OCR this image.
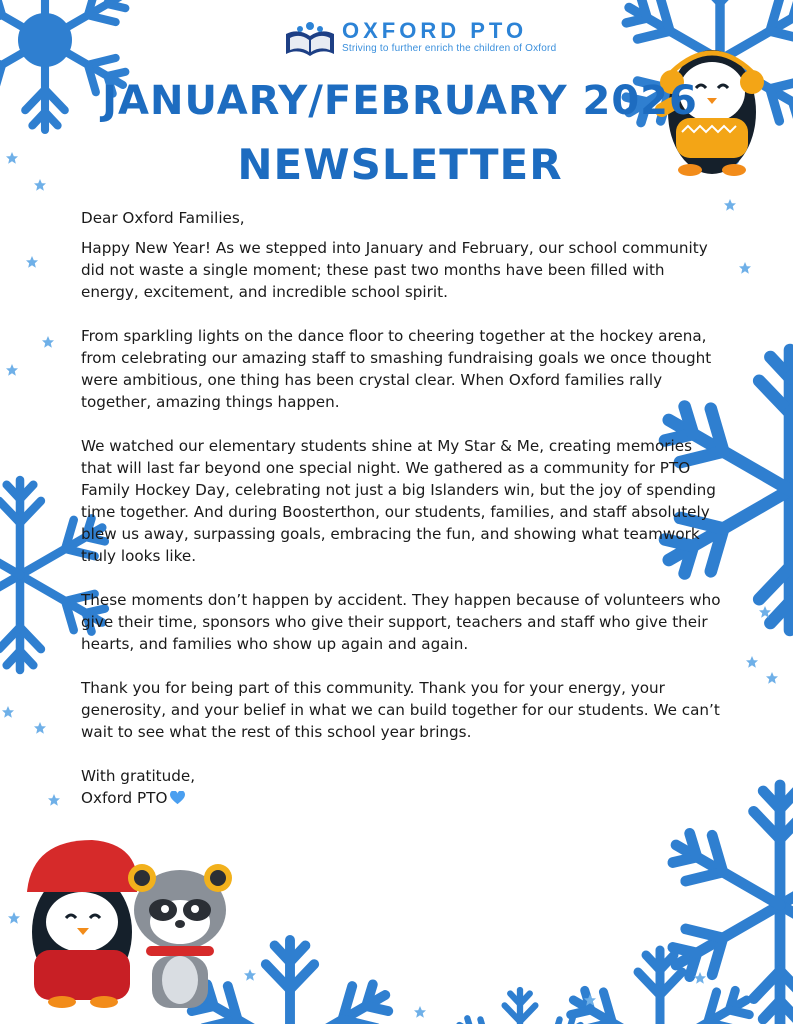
OXFORD PTO
Striving to further enrich the children of Oxford
JANUARY/FEBRUARY 2026
NEWSLETTER

Dear Oxford Families,

Happy New Year! As we stepped into January and February, our school community did not waste a single moment; these past two months have been filled with energy, excitement, and incredible school spirit.

From sparkling lights on the dance floor to cheering together at the hockey arena, from celebrating our amazing staff to smashing fundraising goals we once thought were ambitious, one thing has been crystal clear. When Oxford families rally together, amazing things happen.

We watched our elementary students shine at My Star & Me, creating memories that will last far beyond one special night. We gathered as a community for PTO Family Hockey Day, celebrating not just a big Islanders win, but the joy of spending time together. And during Boosterthon, our students, families, and staff absolutely blew us away, surpassing goals, embracing the fun, and showing what teamwork truly looks like.

These moments don’t happen by accident. They happen because of volunteers who give their time, sponsors who give their support, teachers and staff who give their hearts, and families who show up again and again.

Thank you for being part of this community. Thank you for your energy, your generosity, and your belief in what we can build together for our students. We can’t wait to see what the rest of this school year brings.

With gratitude,

Oxford PTO
